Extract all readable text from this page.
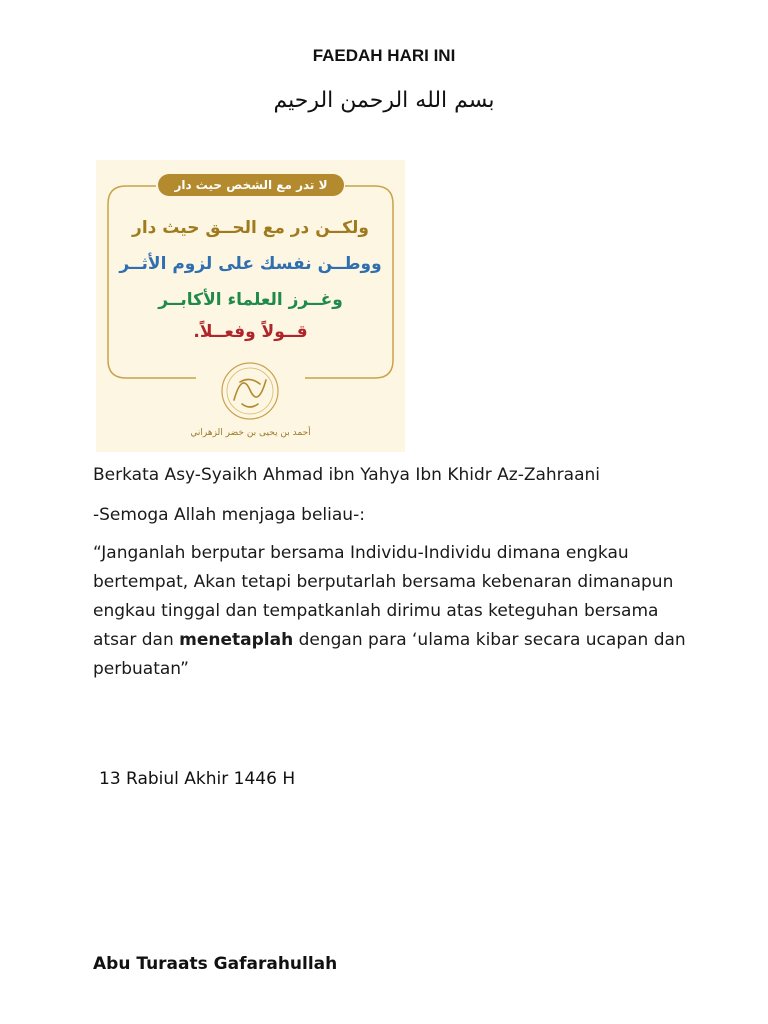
FAEDAH HARI INI
بسم الله الرحمن الرحيم
لا تدر مع الشخص حيث دار
ولكــن در مع الحــق حيث دار
ووطــن نفسك على لزوم الأثــر
وغــرز العلماء الأكابــر
قــولاً وفعــلاً.
أحمد بن يحيى بن خضر الزهراني
Berkata Asy-Syaikh Ahmad ibn Yahya Ibn Khidr Az-Zahraani
-Semoga Allah menjaga beliau-:
“Janganlah berputar bersama Individu-Individu dimana engkau bertempat, Akan tetapi berputarlah bersama kebenaran dimanapun engkau tinggal dan tempatkanlah dirimu atas keteguhan bersama atsar dan menetaplah dengan para ‘ulama kibar secara ucapan dan perbuatan”
13 Rabiul Akhir 1446 H
Abu Turaats Gafarahullah
